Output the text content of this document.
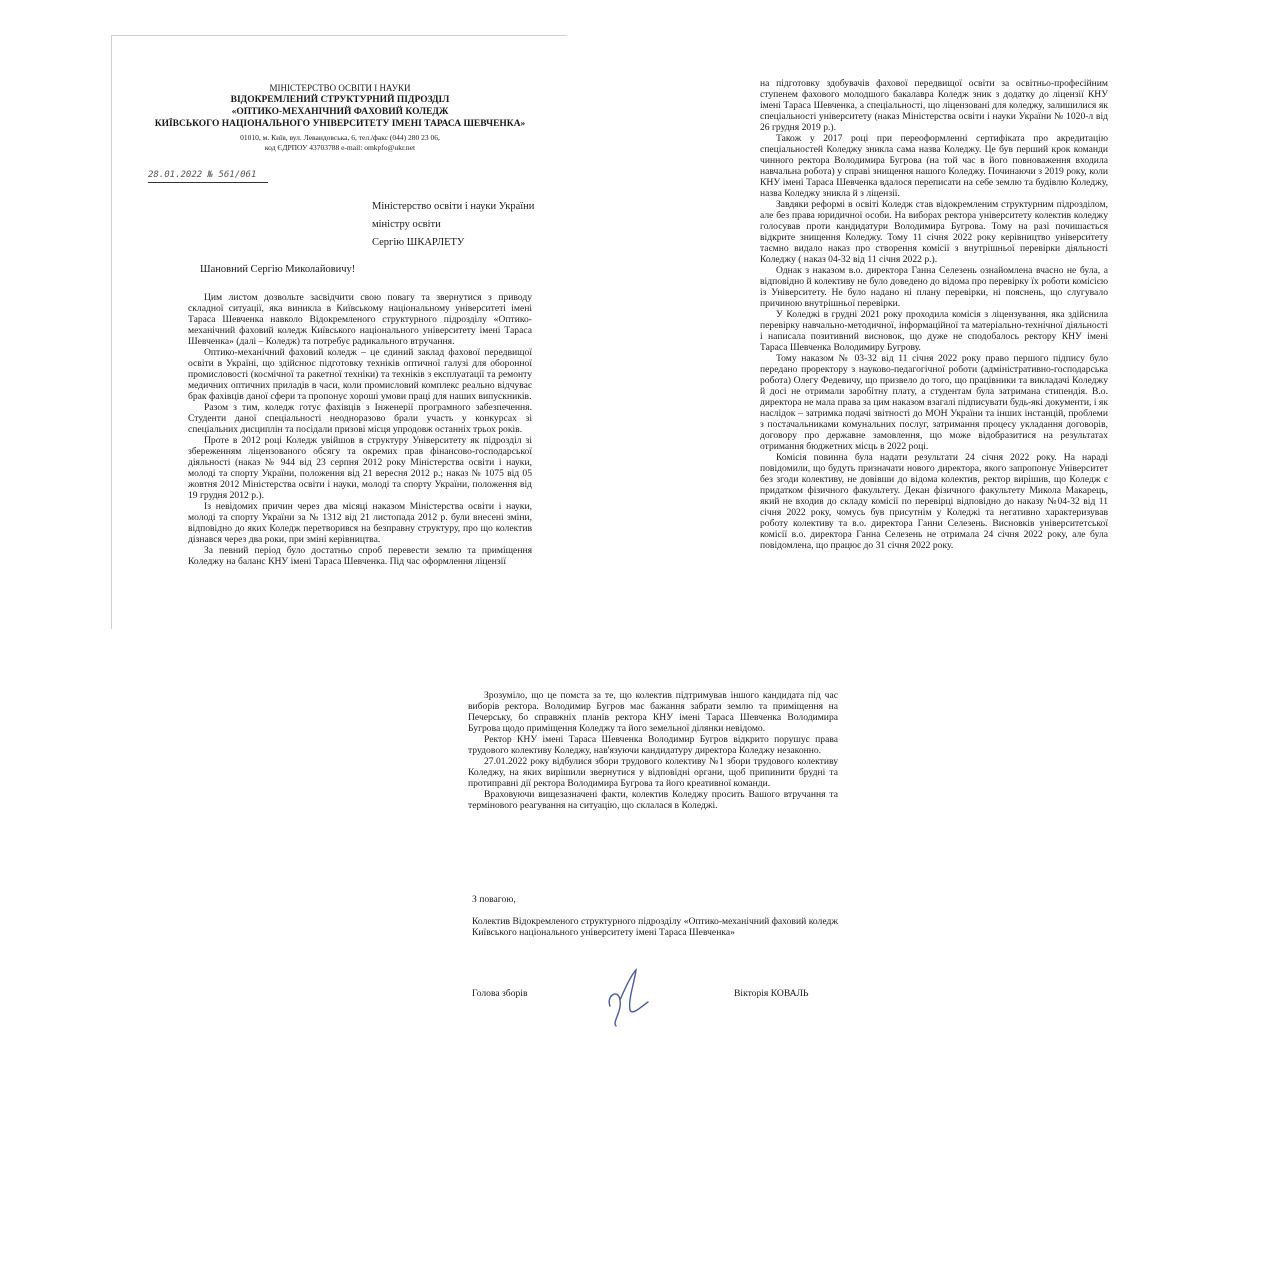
МІНІСТЕРСТВО ОСВІТИ І НАУКИ
ВІДОКРЕМЛЕНИЙ СТРУКТУРНИЙ ПІДРОЗДІЛ
«ОПТИКО-МЕХАНІЧНИЙ ФАХОВИЙ КОЛЕДЖ
КИЇВСЬКОГО НАЦІОНАЛЬНОГО УНІВЕРСИТЕТУ ІМЕНІ ТАРАСА ШЕВЧЕНКА»
01010, м. Київ, вул. Леваидовська, 6, тел./факс (044) 280 23 06,
код ЄДРПОУ 43703788 e-mail: omkpfo@ukr.net
28.01.2022 № 561/061
Міністерство освіти і науки України
міністру освіти
Сергію ШКАРЛЕТУ
Шановний Сергію Миколайовичу!

Цим листом дозвольте засвідчити свою повагу та звернутися з приводу складної ситуації, яка виникла в Київському національному університеті імені Тараса Шевченка навколо Відокремленого структурного підрозділу «Оптико-механічний фаховий коледж Київського національного університету імені Тараса Шевченка» (далі – Коледж) та потребує радикального втручання.

Оптико-механічний фаховий коледж – це єдиний заклад фахової передвищої освіти в Україні, що здійснює підготовку техніків оптичної галузі для оборонної промисловості (космічної та ракетної техніки) та техніків з експлуатації та ремонту медичних оптичних приладів в часи, коли промисловий комплекс реально відчуває брак фахівців даної сфери та пропонує хороші умови праці для наших випускників.

Разом з тим, коледж готує фахівців з Інженерії програмного забезпечення. Студенти даної спеціальності неодноразово брали участь у конкурсах зі спеціальних дисциплін та посідали призові місця упродовж останніх трьох років.

Проте в 2012 році Коледж увійшов в структуру Університету як підрозділ зі збереженням ліцензованого обсягу та окремих прав фінансово-господарської діяльності (наказ № 944 від 23 серпня 2012 року Міністерства освіти і науки, молоді та спорту України, положення від 21 вересня 2012 р.; наказ № 1075 від 05 жовтня 2012 Міністерства освіти і науки, молоді та спорту України, положення від 19 грудня 2012 р.).

Із невідомих причин через два місяці наказом Міністерства освіти і науки, молоді та спорту України за № 1312 від 21 листопада 2012 р. були внесені зміни, відповідно до яких Коледж перетворився на безправну структуру, про що колектив дізнався через два роки, при зміні керівництва.

За певний період було достатньо спроб перевести землю та приміщення Коледжу на баланс КНУ імені Тараса Шевченка. Під час оформлення ліцензії

на підготовку здобувачів фахової передвищої освіти за освітньо-професійним ступенем фахового молодшого бакалавра Коледж зник з додатку до ліцензії КНУ імені Тараса Шевченка, а спеціальності, що ліцензовані для коледжу, залишилися як спеціальності університету (наказ Міністерства освіти і науки України № 1020-л від 26 грудня 2019 р.).

Також у 2017 році при переоформленні сертифіката про акредитацію спеціальностей Коледжу зникла сама назва Коледжу. Це був перший крок команди чинного ректора Володимира Бугрова (на той час в його повноваження входила навчальна робота) у справі знищення нашого Коледжу. Починаючи з 2019 року, коли КНУ імені Тараса Шевченка вдалося переписати на себе землю та будівлю Коледжу, назва Коледжу зникла й з ліцензії.

Завдяки реформі в освіті Коледж став відокремленим структурним підрозділом, але без права юридичної особи. На виборах ректора університету колектив коледжу голосував проти кандидатури Володимира Бугрова. Тому на разі почишається відкрите знищення Коледжу. Тому 11 січня 2022 року керівництво університету таємно видало наказ про створення комісії з внутрішньої перевірки діяльності Коледжу ( наказ 04-32 від 11 січня 2022 р.).

Однак з наказом в.о. директора Ганна Селезень ознайомлена вчасно не була, а відповідно й колективу не було доведено до відома про перевірку їх роботи комісією із Університету. Не було надано ні плану перевірки, ні пояснень, що слугувало причиною внутрішньої перевірки.

У Коледжі в грудні 2021 року проходила комісія з ліцензування, яка здійснила перевірку навчально-методичної, інформаційної та матеріально-технічної діяльності і написала позитивний висновок, що дуже не сподобалось ректору КНУ імені Тараса Шевченка Володимиру Бугрову.

Тому наказом № 03-32 від 11 січня 2022 року право першого підпису було передано проректору з науково-педагогічної роботи (адміністративно-господарська робота) Олегу Федевичу, що призвело до того, що працівники та викладачі Коледжу й досі не отримали заробітну плату, а студентам була затримана стипендія. В.о. директора не мала права за цим наказом взагалі підписувати будь-які документи, і як наслідок – затримка подачі звітності до МОН України та інших інстанцій, проблеми з постачальниками комунальних послуг, затримання процесу укладання договорів, договору про державне замовлення, що може відобразитися на результатах отримання бюджетних місць в 2022 році.

Комісія повинна була надати результати 24 січня 2022 року. На нараді повідомили, що будуть призначати нового директора, якого запропонує Університет без згоди колективу, не довівши до відома колектив, ректор вирішив, що Коледж є придатком фізичного факультету. Декан фізичного факультету Микола Макарець, який не входив до складу комісії по перевірці відповідно до наказу №04-32 від 11 січня 2022 року, чомусь був присутнім у Коледжі та негативно характеризував роботу колективу та в.о. директора Ганни Селезень. Висновків університетської комісії в.о. директора Ганна Селезень не отримала 24 січня 2022 року, але була повідомлена, що працює до 31 січня 2022 року.

Зрозуміло, що це помста за те, що колектив підтримував іншого кандидата під час виборів ректора. Володимир Бугров має бажання забрати землю та приміщення на Печерську, бо справжніх планів ректора КНУ імені Тараса Шевченка Володимира Бугрова щодо приміщення Коледжу та його земельної ділянки невідомо.

Ректор КНУ імені Тараса Шевченка Володимир Бугров відкрито порушує права трудового колективу Коледжу, нав'язуючи кандидатуру директора Коледжу незаконно.

27.01.2022 року відбулися збори трудового колективу №1 збори трудового колективу Коледжу, на яких вирішили звернутися у відповідні органи, щоб припинити брудні та протиправні дії ректора Володимира Бугрова та його креативної команди.

Враховуючи вищезазначені факти, колектив Коледжу просить Вашого втручання та термінового реагування на ситуацію, що склалася в Коледжі.

З повагою,
Колектив Відокремленого структурного підрозділу «Оптико-механічний фаховий коледж Київського національного університету імені Тараса Шевченка»
Голова зборів	Вікторія КОВАЛЬ
